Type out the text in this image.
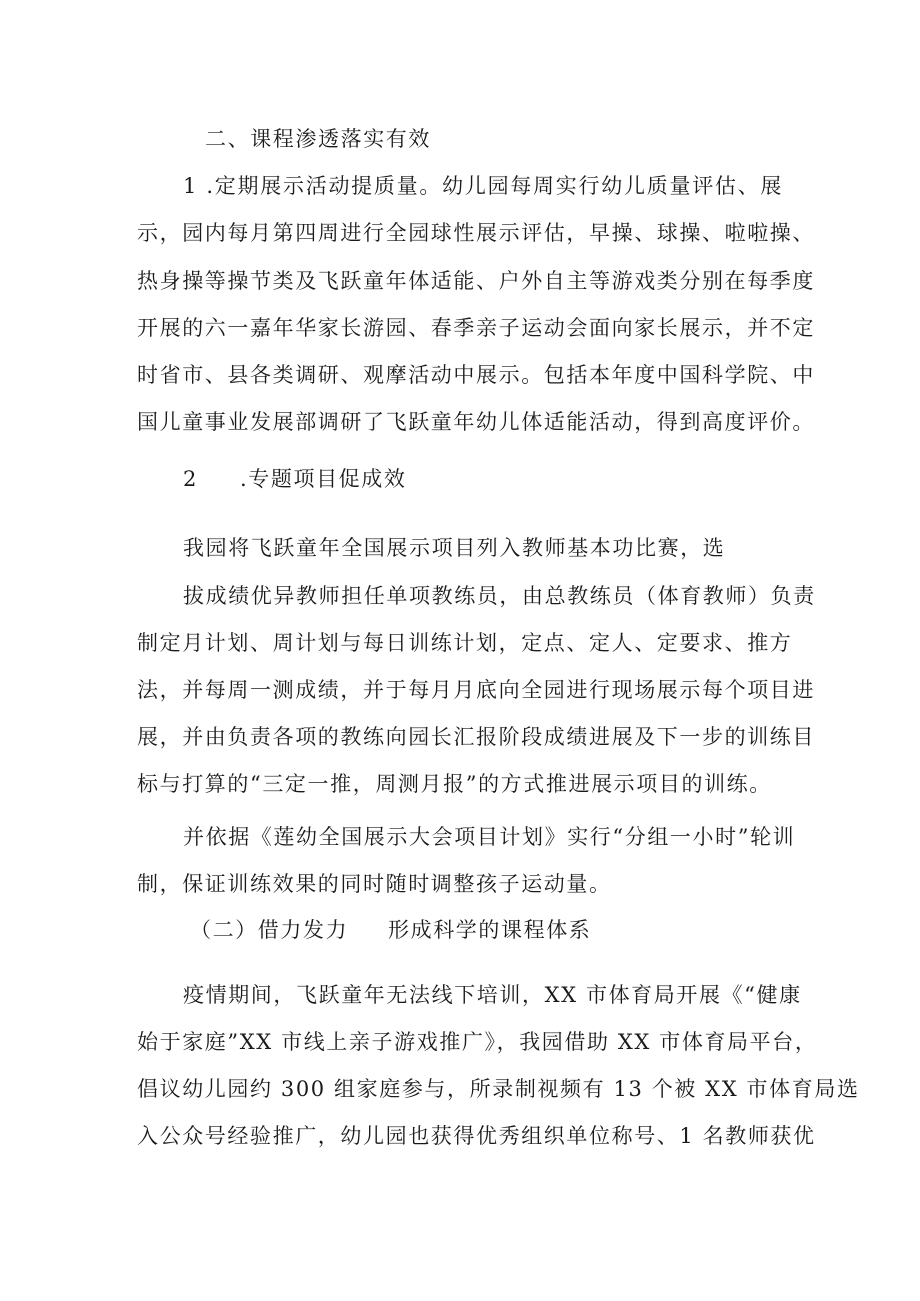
二、课程渗透落实有效
1 .定期展示活动提质量。幼儿园每周实行幼儿质量评估、展
示，园内每月第四周进行全园球性展示评估，早操、球操、啦啦操、
热身操等操节类及飞跃童年体适能、户外自主等游戏类分别在每季度
开展的六一嘉年华家长游园、春季亲子运动会面向家长展示，并不定
时省市、县各类调研、观摩活动中展示。包括本年度中国科学院、中
国儿童事业发展部调研了飞跃童年幼儿体适能活动，得到高度评价。
2 .专题项目促成效
我园将飞跃童年全国展示项目列入教师基本功比赛，选
拔成绩优异教师担任单项教练员，由总教练员（体育教师）负责
制定月计划、周计划与每日训练计划，定点、定人、定要求、推方
法，并每周一测成绩，并于每月月底向全园进行现场展示每个项目进
展，并由负责各项的教练向园长汇报阶段成绩进展及下一步的训练目
标与打算的“三定一推，周测月报”的方式推进展示项目的训练。
并依据《莲幼全国展示大会项目计划》实行“分组一小时”轮训
制，保证训练效果的同时随时调整孩子运动量。
（二）借力发力 形成科学的课程体系
疫情期间，飞跃童年无法线下培训，XX 市体育局开展《“健康
始于家庭”XX 市线上亲子游戏推广》，我园借助 XX 市体育局平台，
倡议幼儿园约 300 组家庭参与，所录制视频有 13 个被 XX 市体育局选
入公众号经验推广，幼儿园也获得优秀组织单位称号、1 名教师获优
